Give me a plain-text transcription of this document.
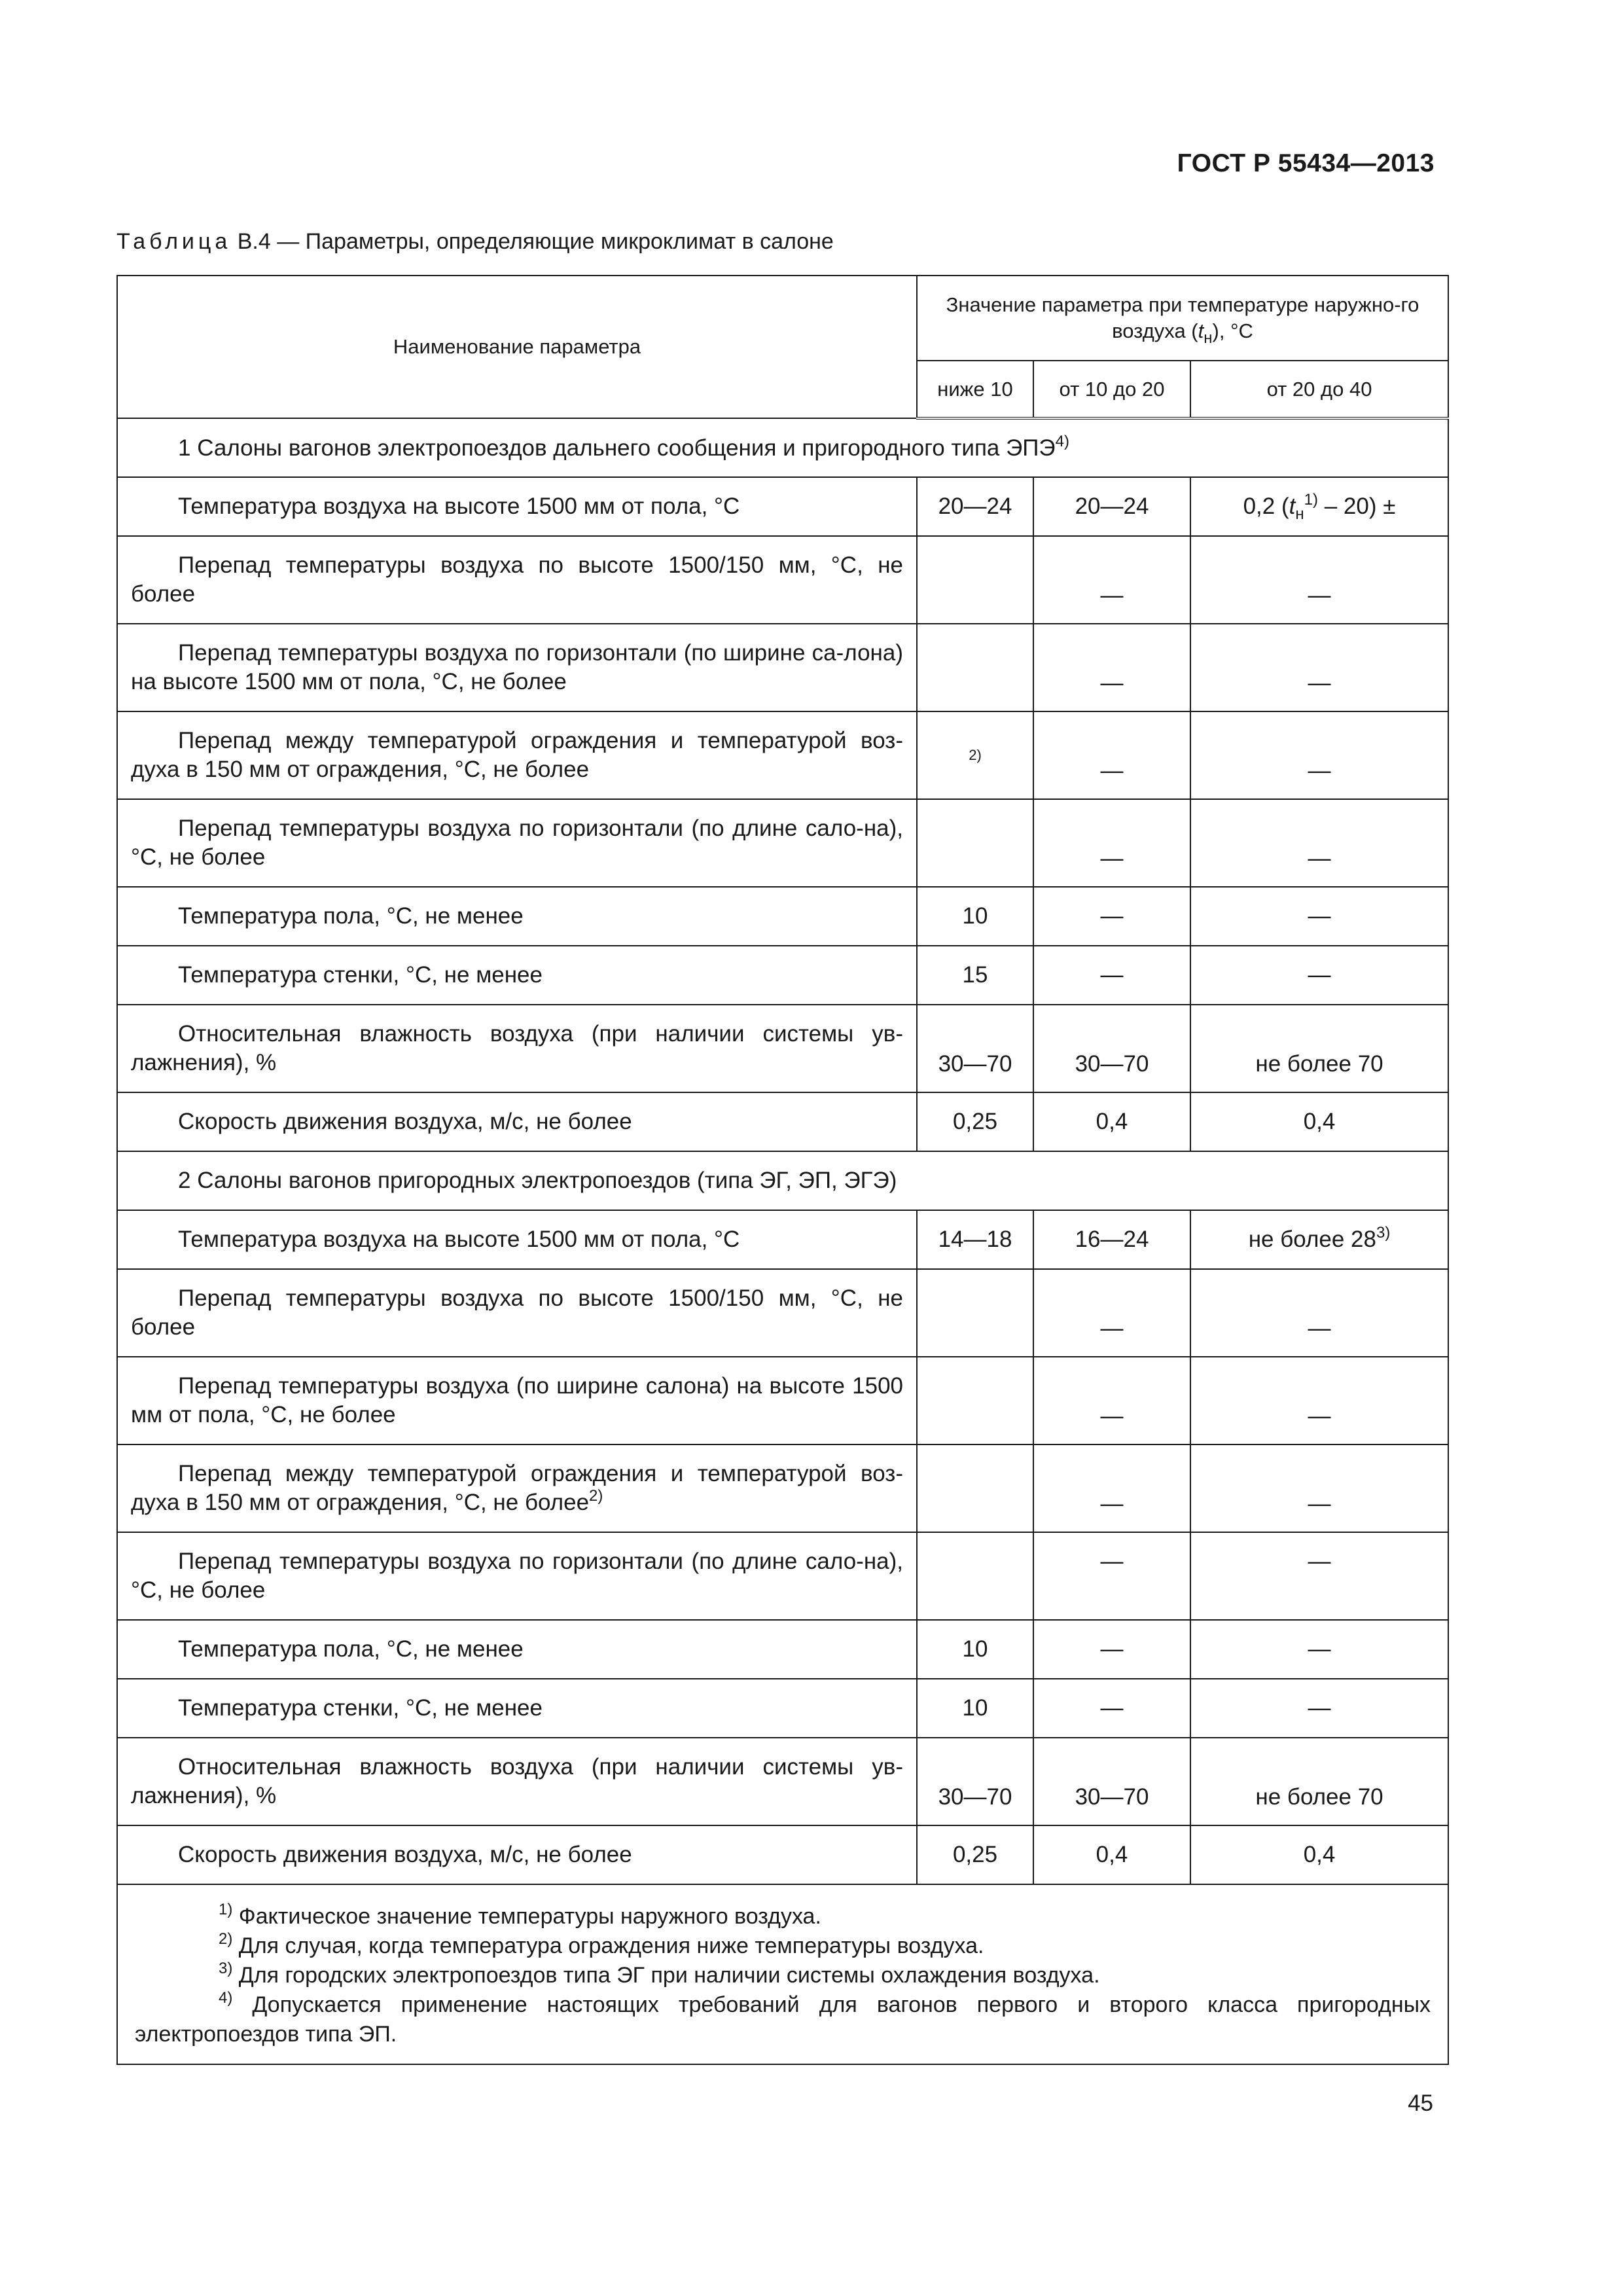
ГОСТ Р 55434—2013
Таблица В.4 — Параметры, определяющие микроклимат в салоне
Наименование параметра	Значение параметра при температуре наружно-го воздуха $(t_н)$, °С		
	ниже 10	от 10 до 20	от 20 до 40
1 Салоны вагонов электропоездов дальнего сообщения и пригородного типа ЭПЭ$^{4)}$
Температура воздуха на высоте 1500 мм от пола, °С	20—24	20—24	0,2 $(t_н^{1)} - 20)$ ±
Перепад температуры воздуха по высоте 1500/150 мм, °С, не более		—	—
Перепад температуры воздуха по горизонтали (по ширине са-лона) на высоте 1500 мм от пола, °С, не более		—	—
Перепад между температурой ограждения и температурой воз-духа в 150 мм от ограждения, °С, не более	2)	—	—
Перепад температуры воздуха по горизонтали (по длине сало-на), °С, не более		—	—
Температура пола, °С, не менее	10	—	—
Температура стенки, °С, не менее	15	—	—
Относительная влажность воздуха (при наличии системы ув-лажнения), %	30—70	30—70	не более 70
Скорость движения воздуха, м/с, не более	0,25	0,4	0,4
2 Салоны вагонов пригородных электропоездов (типа ЭГ, ЭП, ЭГЭ)			
Температура воздуха на высоте 1500 мм от пола, °С	14—18	16—24	не более 28$^{3)}$
Перепад температуры воздуха по высоте 1500/150 мм, °С, не более		—	—
Перепад температуры воздуха (по ширине салона) на высоте 1500 мм от пола, °С, не более		—	—
Перепад между температурой ограждения и температурой воз-духа в 150 мм от ограждения, °С, не более$^{2)}$		—	—
Перепад температуры воздуха по горизонтали (по длине сало-на), °С, не более		—	—
Температура пола, °С, не менее	10	—	—
Температура стенки, °С, не менее	10	—	—
Относительная влажность воздуха (при наличии системы ув-лажнения), %	30—70	30—70	не более 70
Скорость движения воздуха, м/с, не более	0,25	0,4	0,4

$^{1)}$ Фактическое значение температуры наружного воздуха.

$^{2)}$ Для случая, когда температура ограждения ниже температуры воздуха.

$^{3)}$ Для городских электропоездов типа ЭГ при наличии системы охлаждения воздуха.

$^{4)}$ Допускается применение настоящих требований для вагонов первого и второго класса пригородных электропоездов типа ЭП.			

45
